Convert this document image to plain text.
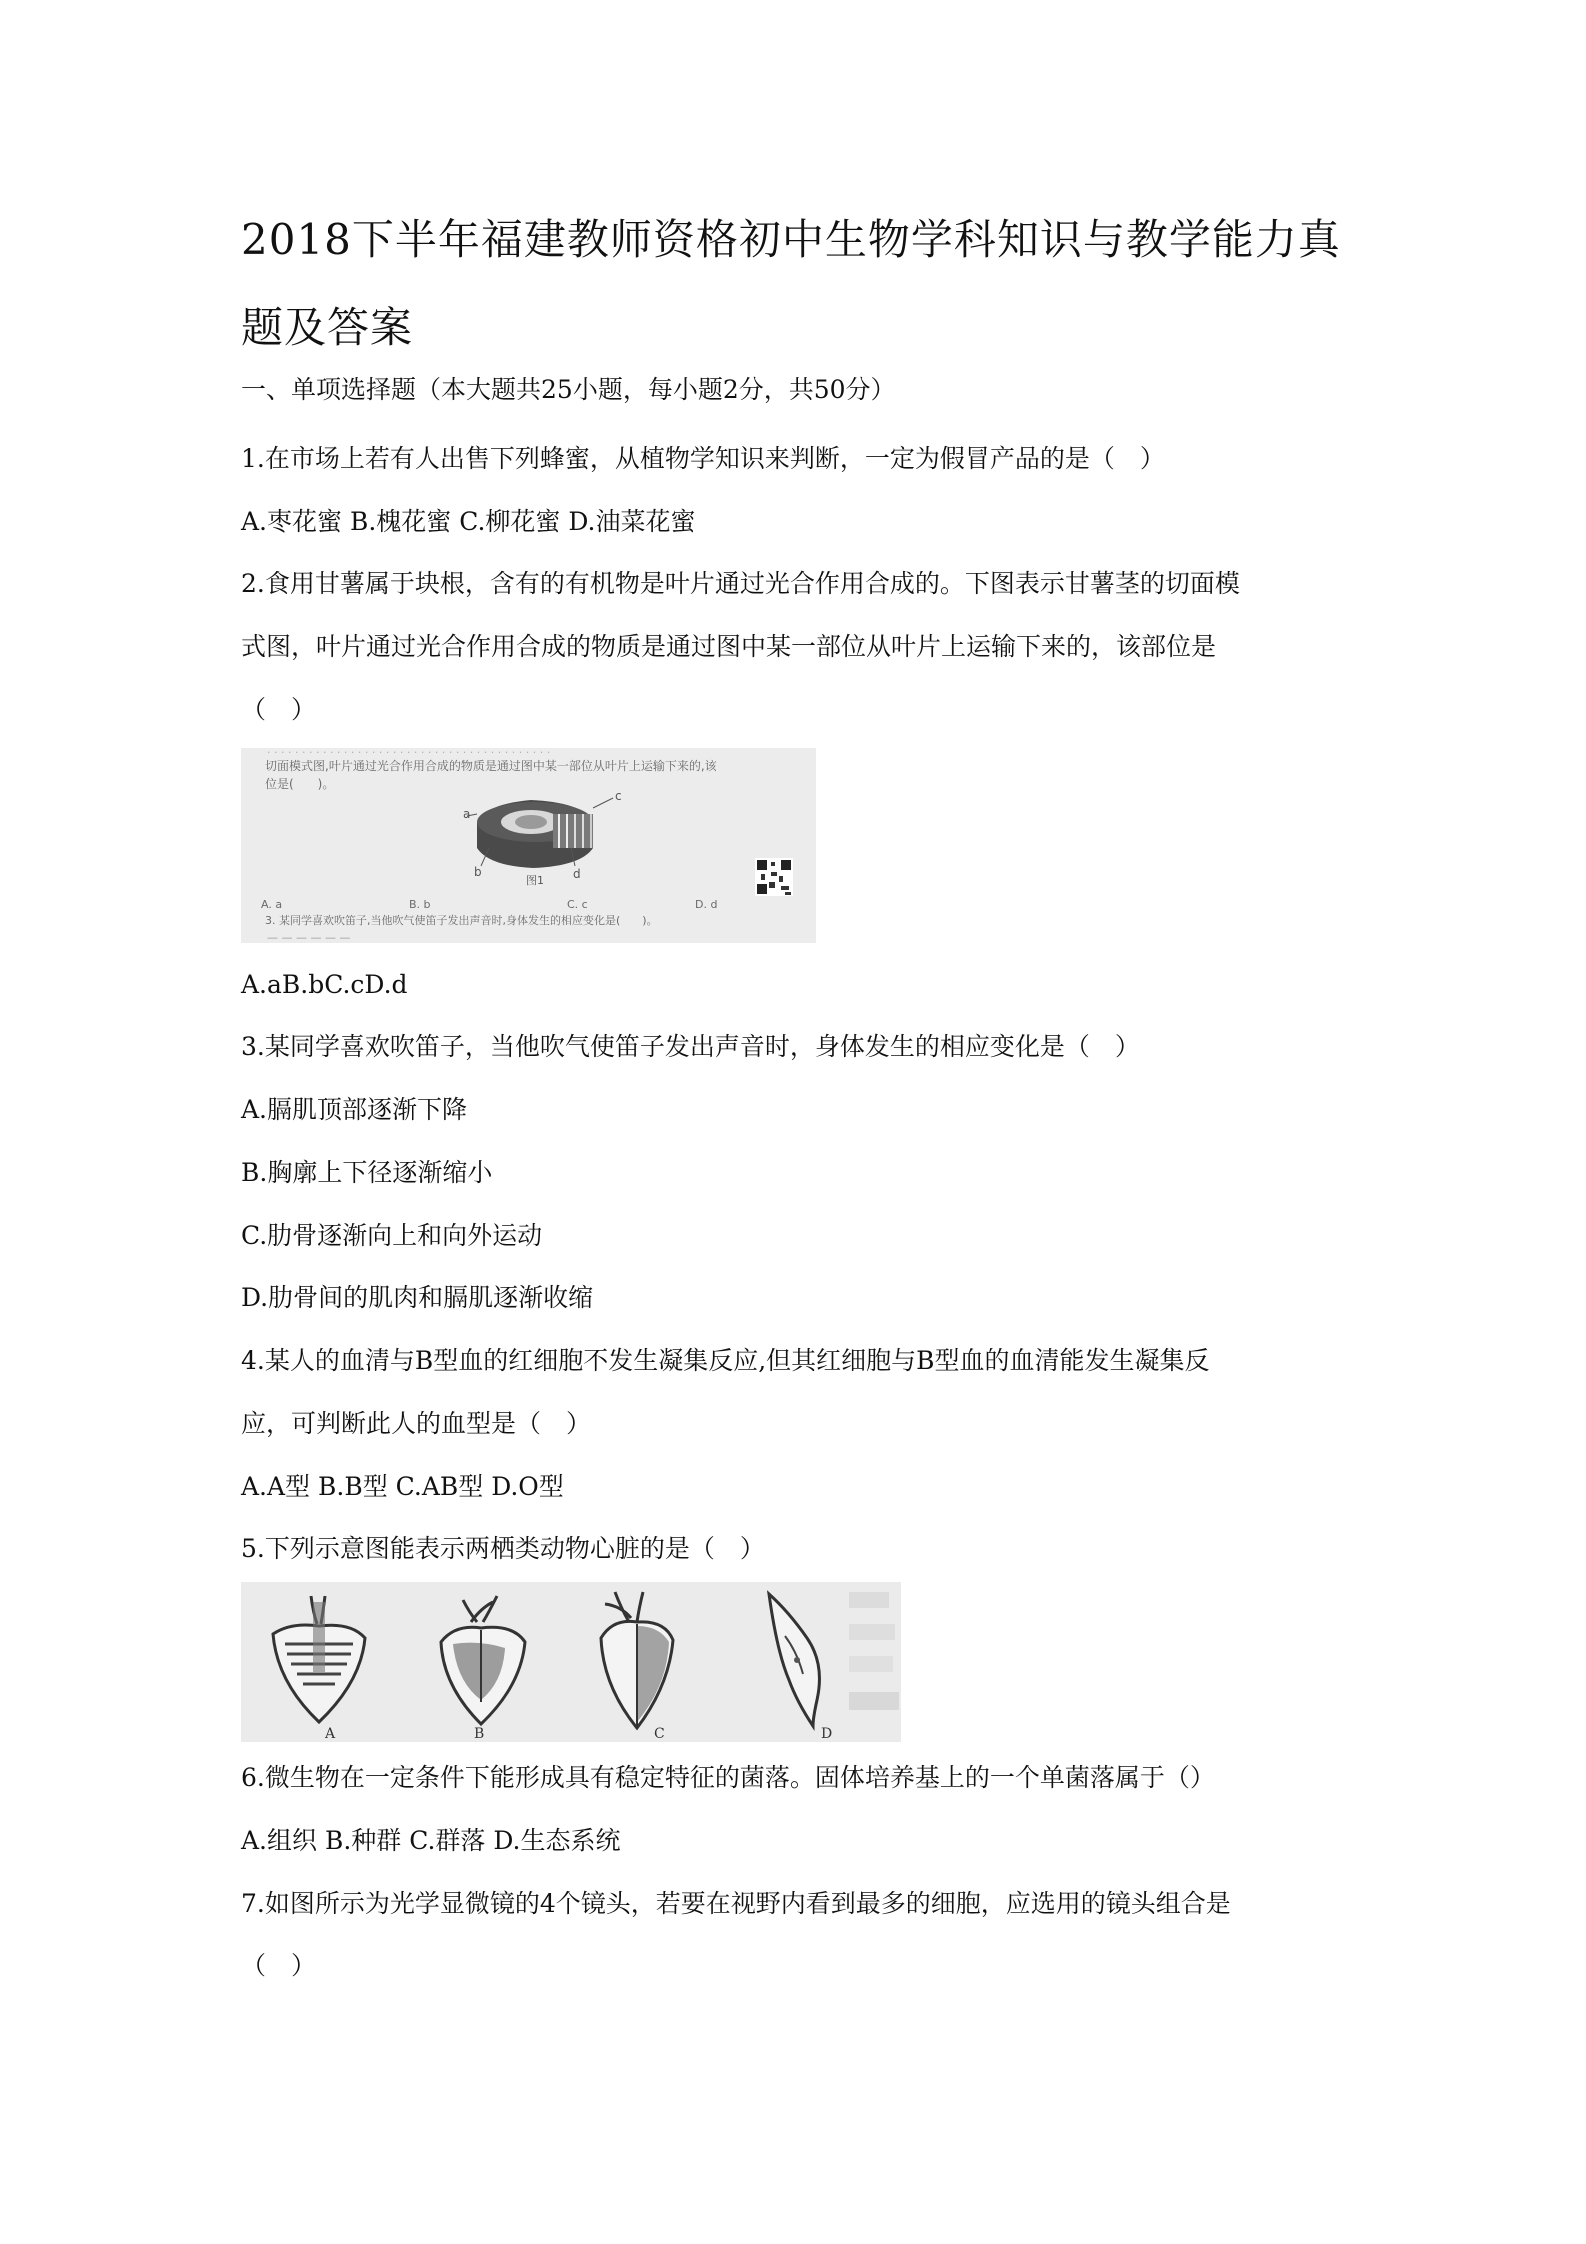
2018下半年福建教师资格初中生物学科知识与教学能力真题及答案
一、单项选择题（本大题共25小题，每小题2分，共50分）
1.在市场上若有人出售下列蜂蜜，从植物学知识来判断，一定为假冒产品的是（　）
A.枣花蜜 B.槐花蜜 C.柳花蜜 D.油菜花蜜
2.食用甘薯属于块根，含有的有机物是叶片通过光合作用合成的。下图表示甘薯茎的切面模
式图，叶片通过光合作用合成的物质是通过图中某一部位从叶片上运输下来的，该部位是
（　）
· · · · · · · · · · · · · · · · · · · · · · · · · · · · · · · · · · · · · · · · ·
切面模式图,叶片通过光合作用合成的物质是通过图中某一部位从叶片上运输下来的,该
位是(　　)。
a
b
c
d
图1
A. a	B. b	C. c	D. d
3. 某同学喜欢吹笛子,当他吹气使笛子发出声音时,身体发生的相应变化是(　　)。
— — — — — —
A.aB.bC.cD.d
3.某同学喜欢吹笛子，当他吹气使笛子发出声音时，身体发生的相应变化是（　）
A.膈肌顶部逐渐下降
B.胸廓上下径逐渐缩小
C.肋骨逐渐向上和向外运动
D.肋骨间的肌肉和膈肌逐渐收缩
4.某人的血清与B型血的红细胞不发生凝集反应,但其红细胞与B型血的血清能发生凝集反
应，可判断此人的血型是（　）
A.A型 B.B型 C.AB型 D.O型
5.下列示意图能表示两栖类动物心脏的是（　）
A	B	C	D
6.微生物在一定条件下能形成具有稳定特征的菌落。固体培养基上的一个单菌落属于（）
A.组织 B.种群 C.群落 D.生态系统
7.如图所示为光学显微镜的4个镜头，若要在视野内看到最多的细胞，应选用的镜头组合是
（　）
